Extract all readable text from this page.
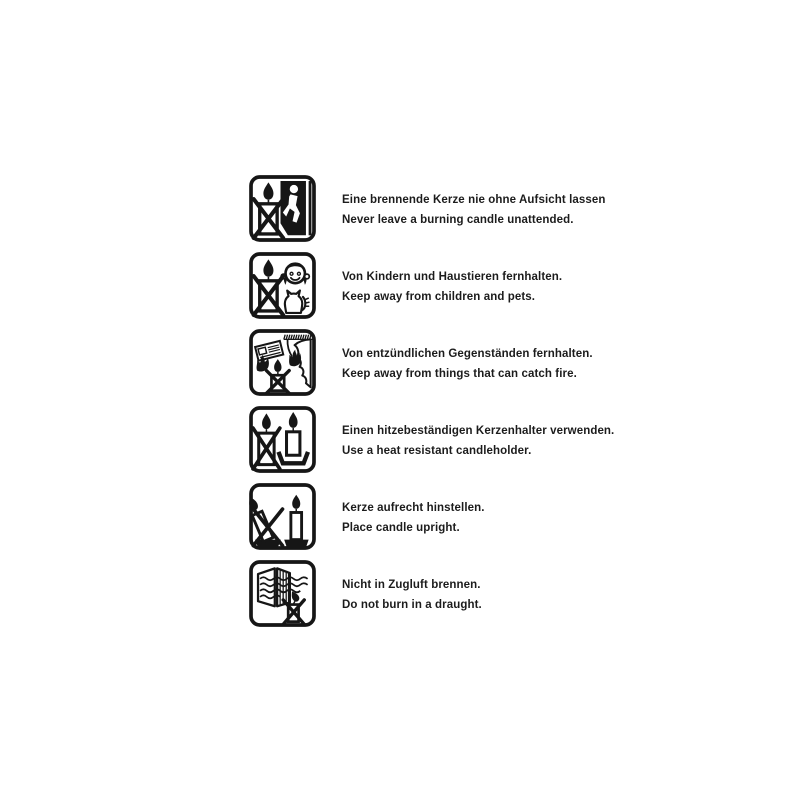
Eine brennende Kerze nie ohne Aufsicht lassen
Never leave a burning candle unattended.
Von Kindern und Haustieren fernhalten.
Keep away from children and pets.
Von entzündlichen Gegenständen fernhalten.
Keep away from things that can catch fire.
Einen hitzebeständigen Kerzenhalter verwenden.
Use a heat resistant candleholder.
Kerze aufrecht hinstellen.
Place candle upright.
Nicht in Zugluft brennen.
Do not burn in a draught.
